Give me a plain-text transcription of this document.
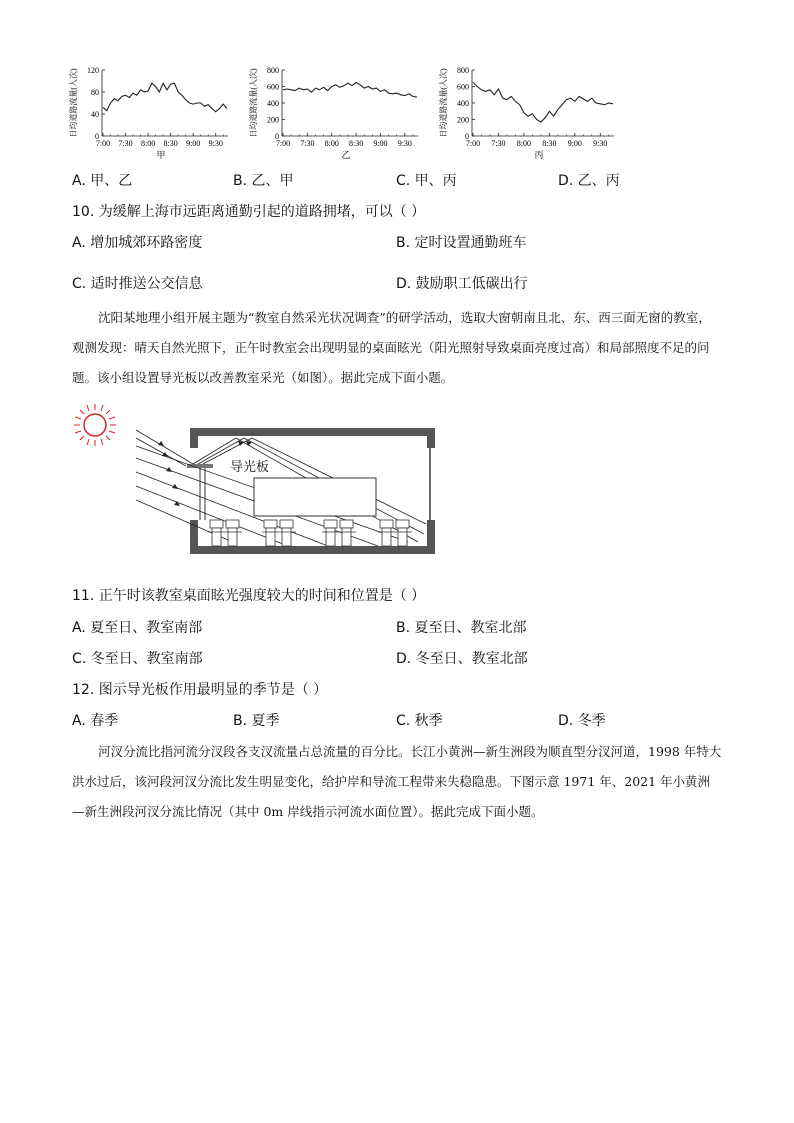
日均道路流量(人次) 120
80
40
0
7:00 7:30 8:00 8:30 9:00 9:30
甲
日均道路流量(人次) 800
600
400
200
0
7:00 7:30 8:00 8:30 9:00 9:30
乙
日均道路流量(人次) 800
600
400
200
0
7:00 7:30 8:00 8:30 9:00 9:30
丙
A. 甲、乙	B. 乙、甲	C. 甲、丙	D. 乙、丙
10. 为缓解上海市远距离通勤引起的道路拥堵，可以（ ）
A. 增加城郊环路密度	B. 定时设置通勤班车
C. 适时推送公交信息	D. 鼓励职工低碳出行
沈阳某地理小组开展主题为“教室自然采光状况调查”的研学活动，选取大窗朝南且北、东、西三面无窗的教室，观测发现：晴天自然光照下，正午时教室会出现明显的桌面眩光（阳光照射导致桌面亮度过高）和局部照度不足的问题。该小组设置导光板以改善教室采光（如图）。据此完成下面小题。
导光板
11. 正午时该教室桌面眩光强度较大的时间和位置是（ ）
A. 夏至日、教室南部	B. 夏至日、教室北部
C. 冬至日、教室南部	D. 冬至日、教室北部
12. 图示导光板作用最明显的季节是（ ）
A. 春季	B. 夏季	C. 秋季	D. 冬季
河汊分流比指河流分汊段各支汊流量占总流量的百分比。长江小黄洲—新生洲段为顺直型分汊河道，1998 年特大洪水过后，该河段河汊分流比发生明显变化，给护岸和导流工程带来失稳隐患。下图示意 1971 年、2021 年小黄洲—新生洲段河汊分流比情况（其中 0m 岸线指示河流水面位置）。据此完成下面小题。
